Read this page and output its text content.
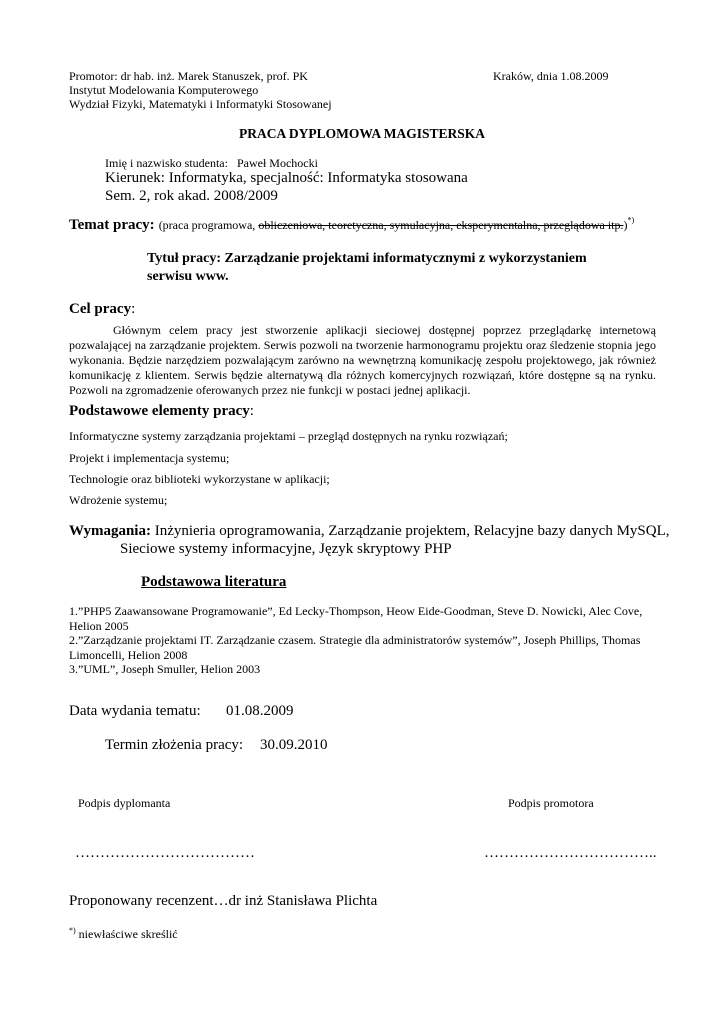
Promotor: dr hab. inż. Marek Stanuszek, prof. PK	Kraków, dnia 1.08.2009
Instytut Modelowania Komputerowego
Wydział Fizyki, Matematyki i Informatyki Stosowanej
PRACA DYPLOMOWA MAGISTERSKA
Imię i nazwisko studenta: Paweł Mochocki
Kierunek: Informatyka, specjalność: Informatyka stosowana
Sem. 2, rok akad. 2008/2009
Temat pracy: (praca programowa, obliczeniowa, teoretyczna, symulacyjna, eksperymentalna, przeglądowa itp.)*)
Tytuł pracy: Zarządzanie projektami informatycznymi z wykorzystaniem
serwisu www.
Cel pracy:
Głównym celem pracy jest stworzenie aplikacji sieciowej dostępnej poprzez przeglądarkę internetową pozwalającej na zarządzanie projektem. Serwis pozwoli na tworzenie harmonogramu projektu oraz śledzenie stopnia jego wykonania. Będzie narzędziem pozwalającym zarówno na wewnętrzną komunikację zespołu projektowego, jak również komunikację z klientem. Serwis będzie alternatywą dla różnych komercyjnych rozwiązań, które dostępne są na rynku. Pozwoli na zgromadzenie oferowanych przez nie funkcji w postaci jednej aplikacji.
Podstawowe elementy pracy:
Informatyczne systemy zarządzania projektami – przegląd dostępnych na rynku rozwiązań;
Projekt i implementacja systemu;
Technologie oraz biblioteki wykorzystane w aplikacji;
Wdrożenie systemu;
Wymagania: Inżynieria oprogramowania, Zarządzanie projektem, Relacyjne bazy danych MySQL,
Sieciowe systemy informacyjne, Język skryptowy PHP
Podstawowa literatura
1.”PHP5 Zaawansowane Programowanie”, Ed Lecky-Thompson, Heow Eide-Goodman, Steve D. Nowicki, Alec Cove, Helion 2005
2.”Zarządzanie projektami IT. Zarządzanie czasem. Strategie dla administratorów systemów”, Joseph Phillips, Thomas Limoncelli, Helion 2008
3.”UML”, Joseph Smuller, Helion 2003
Data wydania tematu: 01.08.2009
Termin złożenia pracy: 30.09.2010
Podpis dyplomanta	Podpis promotora
………………………………	……………………………..
Proponowany recenzent…dr inż Stanisława Plichta
*) niewłaściwe skreślić
